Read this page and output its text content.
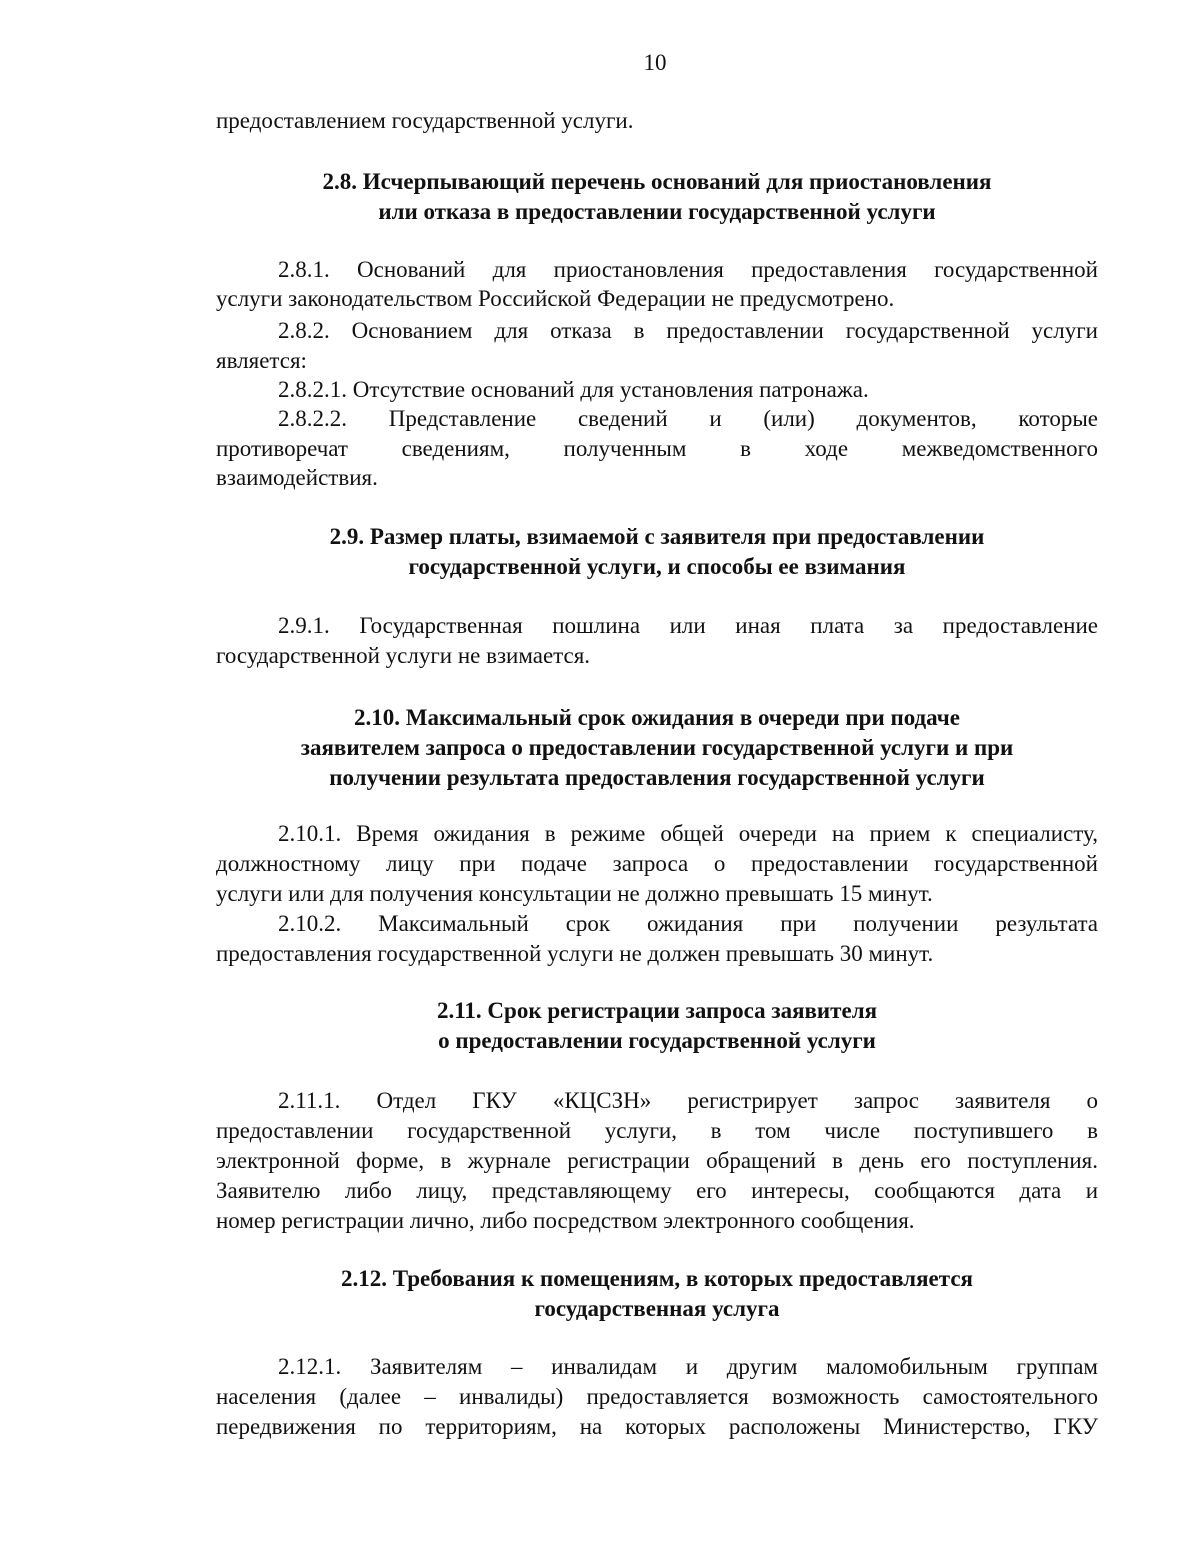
10
предоставлением государственной услуги.
2.8. Исчерпывающий перечень оснований для приостановления
или отказа в предоставлении государственной услуги
2.8.1. Оснований для приостановления предоставления государственной
услуги законодательством Российской Федерации не предусмотрено.
2.8.2. Основанием для отказа в предоставлении государственной услуги
является:
2.8.2.1. Отсутствие оснований для установления патронажа.
2.8.2.2. Представление сведений и (или) документов, которые
противоречат сведениям, полученным в ходе межведомственного
взаимодействия.
2.9. Размер платы, взимаемой с заявителя при предоставлении
государственной услуги, и способы ее взимания
2.9.1. Государственная пошлина или иная плата за предоставление
государственной услуги не взимается.
2.10. Максимальный срок ожидания в очереди при подаче
заявителем запроса о предоставлении государственной услуги и при
получении результата предоставления государственной услуги
2.10.1. Время ожидания в режиме общей очереди на прием к специалисту,
должностному лицу при подаче запроса о предоставлении государственной
услуги или для получения консультации не должно превышать 15 минут.
2.10.2. Максимальный срок ожидания при получении результата
предоставления государственной услуги не должен превышать 30 минут.
2.11. Срок регистрации запроса заявителя
о предоставлении государственной услуги
2.11.1. Отдел ГКУ «КЦСЗН» регистрирует запрос заявителя о
предоставлении государственной услуги, в том числе поступившего в
электронной форме, в журнале регистрации обращений в день его поступления.
Заявителю либо лицу, представляющему его интересы, сообщаются дата и
номер регистрации лично, либо посредством электронного сообщения.
2.12. Требования к помещениям, в которых предоставляется
государственная услуга
2.12.1. Заявителям – инвалидам и другим маломобильным группам
населения (далее – инвалиды) предоставляется возможность самостоятельного
передвижения по территориям, на которых расположены Министерство, ГКУ
